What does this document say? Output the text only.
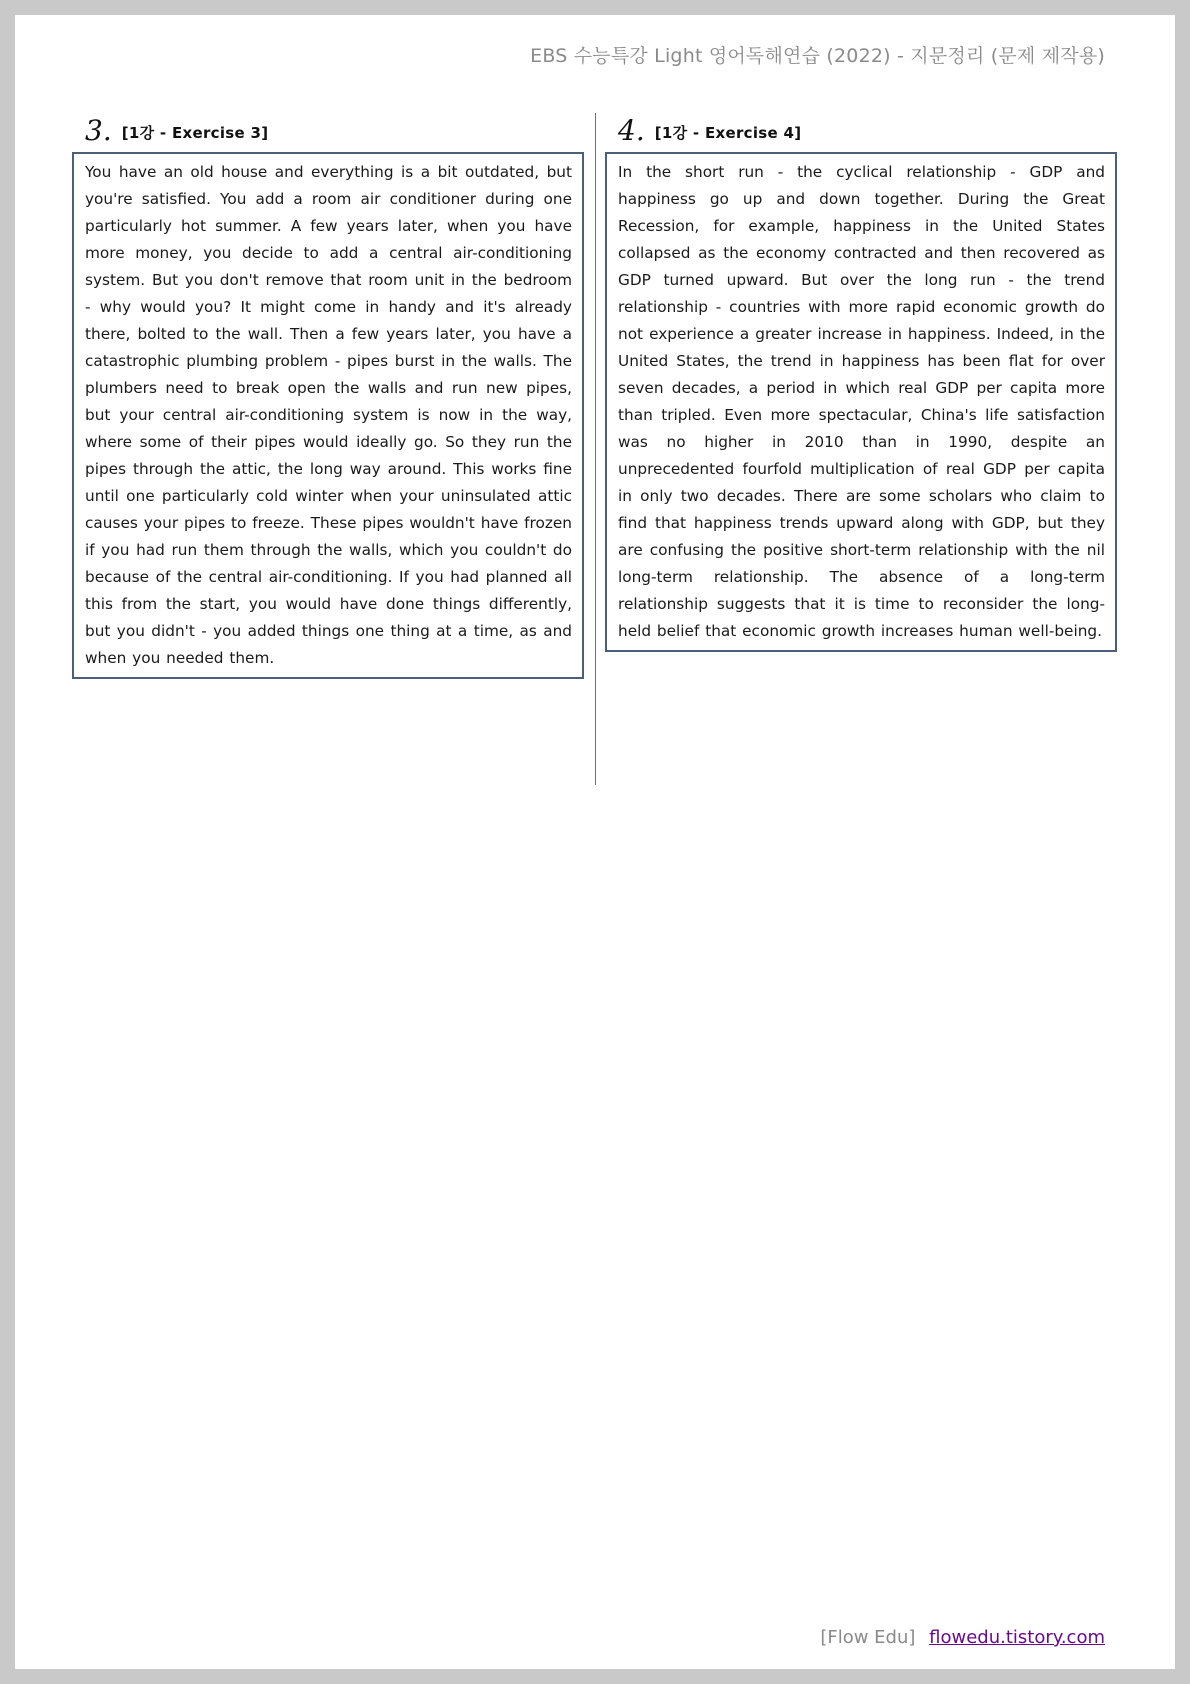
EBS 수능특강 Light 영어독해연습 (2022) - 지문정리 (문제 제작용)
3. [1강 - Exercise 3]
You have an old house and everything is a bit outdated, but you're satisfied. You add a room air conditioner during one particularly hot summer. A few years later, when you have more money, you decide to add a central air-conditioning system. But you don't remove that room unit in the bedroom - why would you? It might come in handy and it's already there, bolted to the wall. Then a few years later, you have a catastrophic plumbing problem - pipes burst in the walls. The plumbers need to break open the walls and run new pipes, but your central air-conditioning system is now in the way, where some of their pipes would ideally go. So they run the pipes through the attic, the long way around. This works fine until one particularly cold winter when your uninsulated attic causes your pipes to freeze. These pipes wouldn't have frozen if you had run them through the walls, which you couldn't do because of the central air-conditioning. If you had planned all this from the start, you would have done things differently, but you didn't - you added things one thing at a time, as and when you needed them.
4. [1강 - Exercise 4]
In the short run - the cyclical relationship - GDP and happiness go up and down together. During the Great Recession, for example, happiness in the United States collapsed as the economy contracted and then recovered as GDP turned upward. But over the long run - the trend relationship - countries with more rapid economic growth do not experience a greater increase in happiness. Indeed, in the United States, the trend in happiness has been flat for over seven decades, a period in which real GDP per capita more than tripled. Even more spectacular, China's life satisfaction was no higher in 2010 than in 1990, despite an unprecedented fourfold multiplication of real GDP per capita in only two decades. There are some scholars who claim to find that happiness trends upward along with GDP, but they are confusing the positive short-term relationship with the nil long-term relationship. The absence of a long-term relationship suggests that it is time to reconsider the long-held belief that economic growth increases human well-being.
[Flow Edu] flowedu.tistory.com
